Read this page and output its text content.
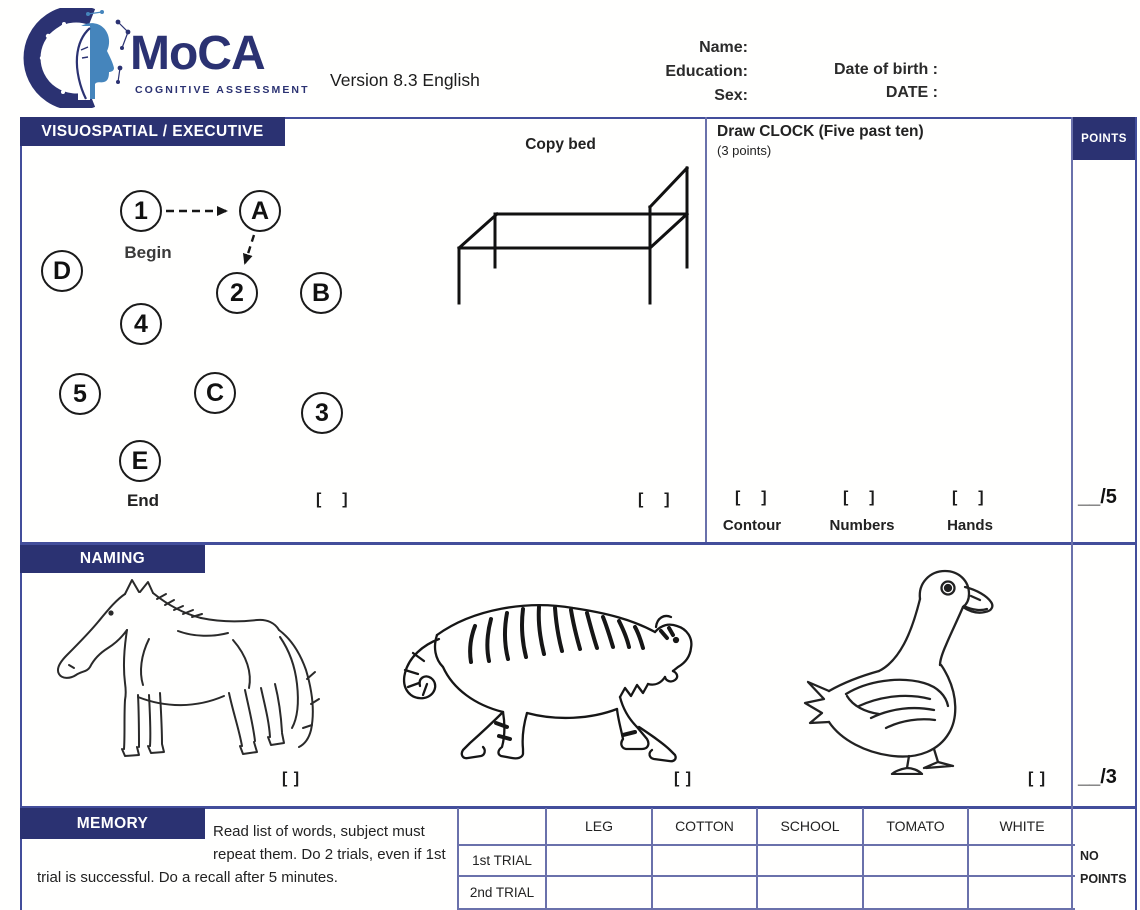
MoCA
COGNITIVE ASSESSMENT Version 8.3 English
Name:
Education:
Sex:
Date of birth :
DATE :
POINTS
__/5
__/3
NO
POINTS
VISUOSPATIAL / EXECUTIVE
1	A
D
2	B
4
5	C
3
E
Begin
End	[  ]
Copy bed
[  ]
Draw CLOCK (Five past ten)
(3 points)
[  ]
Contour
[  ]
Numbers
[  ]
Hands
NAMING
[ ]	[ ]	[ ]
MEMORY	Read list of words, subject must repeat them. Do 2 trials, even if 1st trial is successful. Do a recall after 5 minutes.

LEG	COTTON	SCHOOL	TOMATO	WHITE
1st TRIAL
2nd TRIAL
